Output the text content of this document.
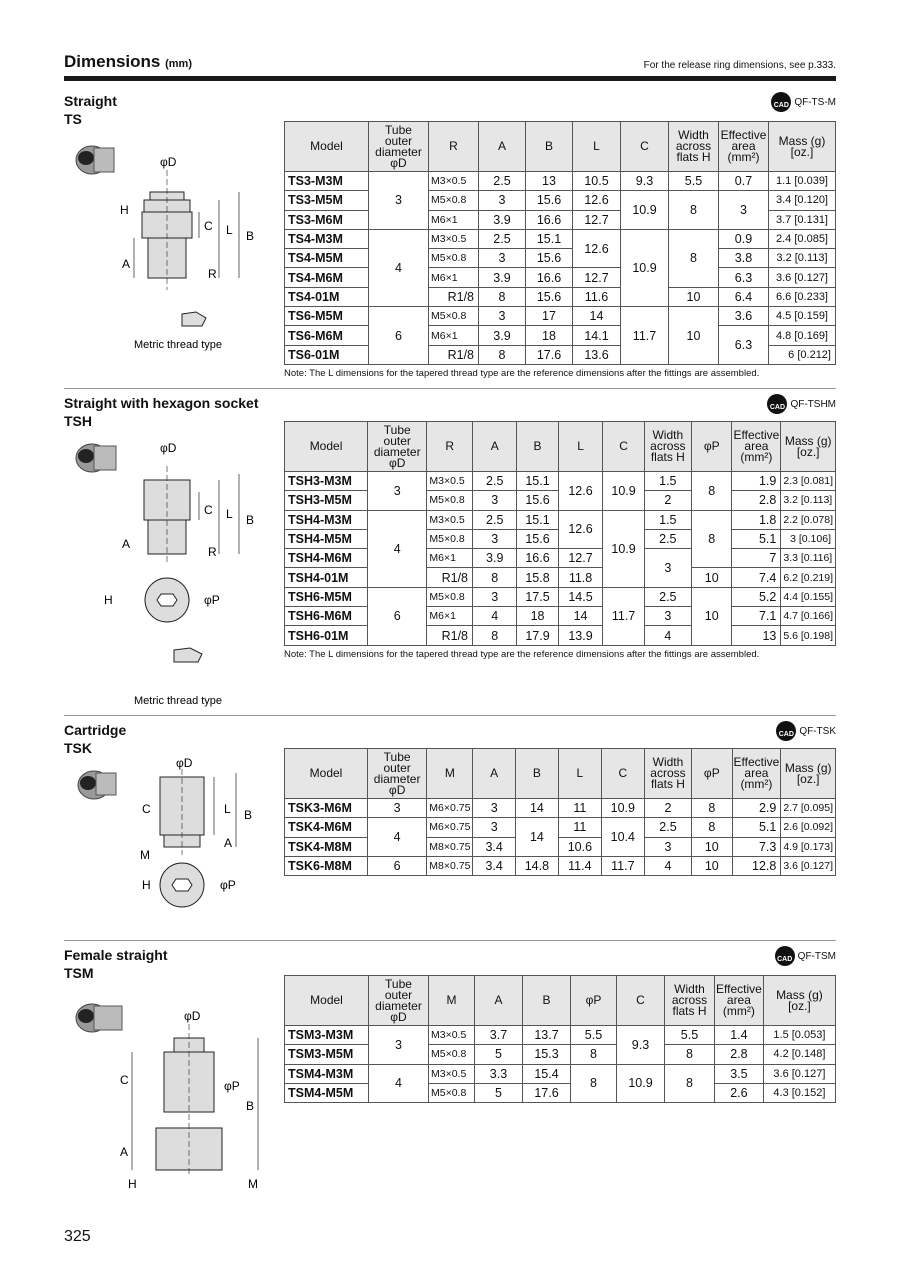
Dimensions (mm)	For the release ring dimensions, see p.333.
Straight
TS
CAD QF-TS-M
φD
H
A
C L B
R
Metric thread type
Model	Tube outer diameter φD	R	A	B	L	C	Width across flats H	Effective area (mm²)	Mass (g) [oz.]
TS3-M3M	3	M3×0.5	2.5	13	10.5	9.3	5.5	0.7	1.1 [0.039]
TS3-M5M		M5×0.8	3	15.6	12.6	10.9	8	3	3.4 [0.120]
TS3-M6M		M6×1	3.9	16.6	12.7				3.7 [0.131]
TS4-M3M	4	M3×0.5	2.5	15.1	12.6	10.9	8	0.9	2.4 [0.085]
TS4-M5M		M5×0.8	3	15.6				3.8	3.2 [0.113]
TS4-M6M		M6×1	3.9	16.6	12.7			6.3	3.6 [0.127]
TS4-01M		R1/8	8	15.6	11.6		10	6.4	6.6 [0.233]
TS6-M5M	6	M5×0.8	3	17	14	11.7	10	3.6	4.5 [0.159]
TS6-M6M		M6×1	3.9	18	14.1			6.3	4.8 [0.169]
TS6-01M		R1/8	8	17.6	13.6				6 [0.212]
Note: The L dimensions for the tapered thread type are the reference dimensions after the fittings are assembled.
Straight with hexagon socket
TSH
CAD QF-TSHM
φD
A
C L B
R
H	φP
Metric thread type
Model	Tube outer diameter φD	R	A	B	L	C	Width across flats H	φP	Effective area (mm²)	Mass (g) [oz.]
TSH3-M3M	3	M3×0.5	2.5	15.1	12.6	10.9	1.5	8	1.9	2.3 [0.081]
TSH3-M5M		M5×0.8	3	15.6			2		2.8	3.2 [0.113]
TSH4-M3M	4	M3×0.5	2.5	15.1	12.6	10.9	1.5	8	1.8	2.2 [0.078]
TSH4-M5M		M5×0.8	3	15.6			2.5		5.1	3 [0.106]
TSH4-M6M		M6×1	3.9	16.6	12.7		3		7	3.3 [0.116]
TSH4-01M		R1/8	8	15.8	11.8			10	7.4	6.2 [0.219]
TSH6-M5M	6	M5×0.8	3	17.5	14.5	11.7	2.5	10	5.2	4.4 [0.155]
TSH6-M6M		M6×1	4	18	14		3		7.1	4.7 [0.166]
TSH6-01M		R1/8	8	17.9	13.9		4		13	5.6 [0.198]
Note: The L dimensions for the tapered thread type are the reference dimensions after the fittings are assembled.
Cartridge
TSK
CAD QF-TSK
φD
C	L B
A
M
H	φP
Model	Tube outer diameter φD	M	A	B	L	C	Width across flats H	φP	Effective area (mm²)	Mass (g) [oz.]
TSK3-M6M	3	M6×0.75	3	14	11	10.9	2	8	2.9	2.7 [0.095]
TSK4-M6M	4	M6×0.75	3	14	11	10.4	2.5	8	5.1	2.6 [0.092]
TSK4-M8M		M8×0.75	3.4		10.6		3	10	7.3	4.9 [0.173]
TSK6-M8M	6	M8×0.75	3.4	14.8	11.4	11.7	4	10	12.8	3.6 [0.127]
Female straight
TSM
CAD QF-TSM
φD
C	φP
B
A
H	M
Model	Tube outer diameter φD	M	A	B	φP	C	Width across flats H	Effective area (mm²)	Mass (g) [oz.]
TSM3-M3M	3	M3×0.5	3.7	13.7	5.5	9.3	5.5	1.4	1.5 [0.053]
TSM3-M5M		M5×0.8	5	15.3	8		8	2.8	4.2 [0.148]
TSM4-M3M	4	M3×0.5	3.3	15.4	8	10.9	8	3.5	3.6 [0.127]
TSM4-M5M		M5×0.8	5	17.6				2.6	4.3 [0.152]
325
